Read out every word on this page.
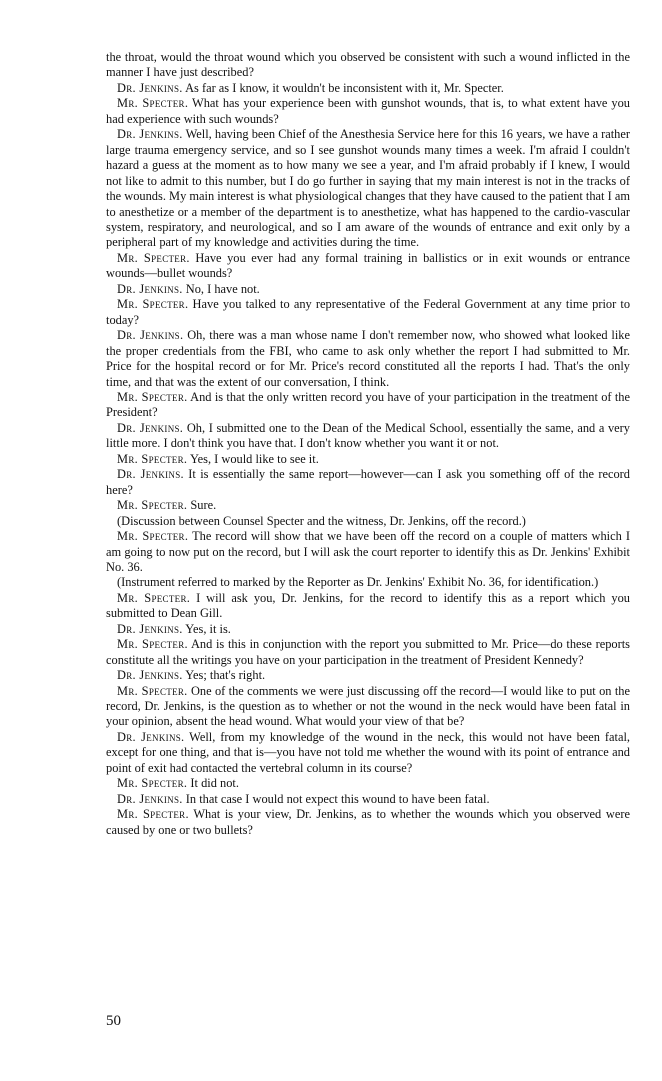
the throat, would the throat wound which you observed be consistent with such a wound inflicted in the manner I have just described?

Dr. Jenkins. As far as I know, it wouldn't be inconsistent with it, Mr. Specter.

Mr. Specter. What has your experience been with gunshot wounds, that is, to what extent have you had experience with such wounds?

Dr. Jenkins. Well, having been Chief of the Anesthesia Service here for this 16 years, we have a rather large trauma emergency service, and so I see gunshot wounds many times a week. I'm afraid I couldn't hazard a guess at the moment as to how many we see a year, and I'm afraid probably if I knew, I would not like to admit to this number, but I do go further in saying that my main interest is not in the tracks of the wounds. My main interest is what physiological changes that they have caused to the patient that I am to anesthetize or a member of the department is to anesthetize, what has happened to the cardio-vascular system, respiratory, and neurological, and so I am aware of the wounds of entrance and exit only by a peripheral part of my knowledge and activities during the time.

Mr. Specter. Have you ever had any formal training in ballistics or in exit wounds or entrance wounds—bullet wounds?

Dr. Jenkins. No, I have not.

Mr. Specter. Have you talked to any representative of the Federal Government at any time prior to today?

Dr. Jenkins. Oh, there was a man whose name I don't remember now, who showed what looked like the proper credentials from the FBI, who came to ask only whether the report I had submitted to Mr. Price for the hospital record or for Mr. Price's record constituted all the reports I had. That's the only time, and that was the extent of our conversation, I think.

Mr. Specter. And is that the only written record you have of your participation in the treatment of the President?

Dr. Jenkins. Oh, I submitted one to the Dean of the Medical School, essentially the same, and a very little more. I don't think you have that. I don't know whether you want it or not.

Mr. Specter. Yes, I would like to see it.

Dr. Jenkins. It is essentially the same report—however—can I ask you something off of the record here?

Mr. Specter. Sure.

(Discussion between Counsel Specter and the witness, Dr. Jenkins, off the record.)

Mr. Specter. The record will show that we have been off the record on a couple of matters which I am going to now put on the record, but I will ask the court reporter to identify this as Dr. Jenkins' Exhibit No. 36.

(Instrument referred to marked by the Reporter as Dr. Jenkins' Exhibit No. 36, for identification.)

Mr. Specter. I will ask you, Dr. Jenkins, for the record to identify this as a report which you submitted to Dean Gill.

Dr. Jenkins. Yes, it is.

Mr. Specter. And is this in conjunction with the report you submitted to Mr. Price—do these reports constitute all the writings you have on your participation in the treatment of President Kennedy?

Dr. Jenkins. Yes; that's right.

Mr. Specter. One of the comments we were just discussing off the record—I would like to put on the record, Dr. Jenkins, is the question as to whether or not the wound in the neck would have been fatal in your opinion, absent the head wound. What would your view of that be?

Dr. Jenkins. Well, from my knowledge of the wound in the neck, this would not have been fatal, except for one thing, and that is—you have not told me whether the wound with its point of entrance and point of exit had contacted the vertebral column in its course?

Mr. Specter. It did not.

Dr. Jenkins. In that case I would not expect this wound to have been fatal.

Mr. Specter. What is your view, Dr. Jenkins, as to whether the wounds which you observed were caused by one or two bullets?

50
